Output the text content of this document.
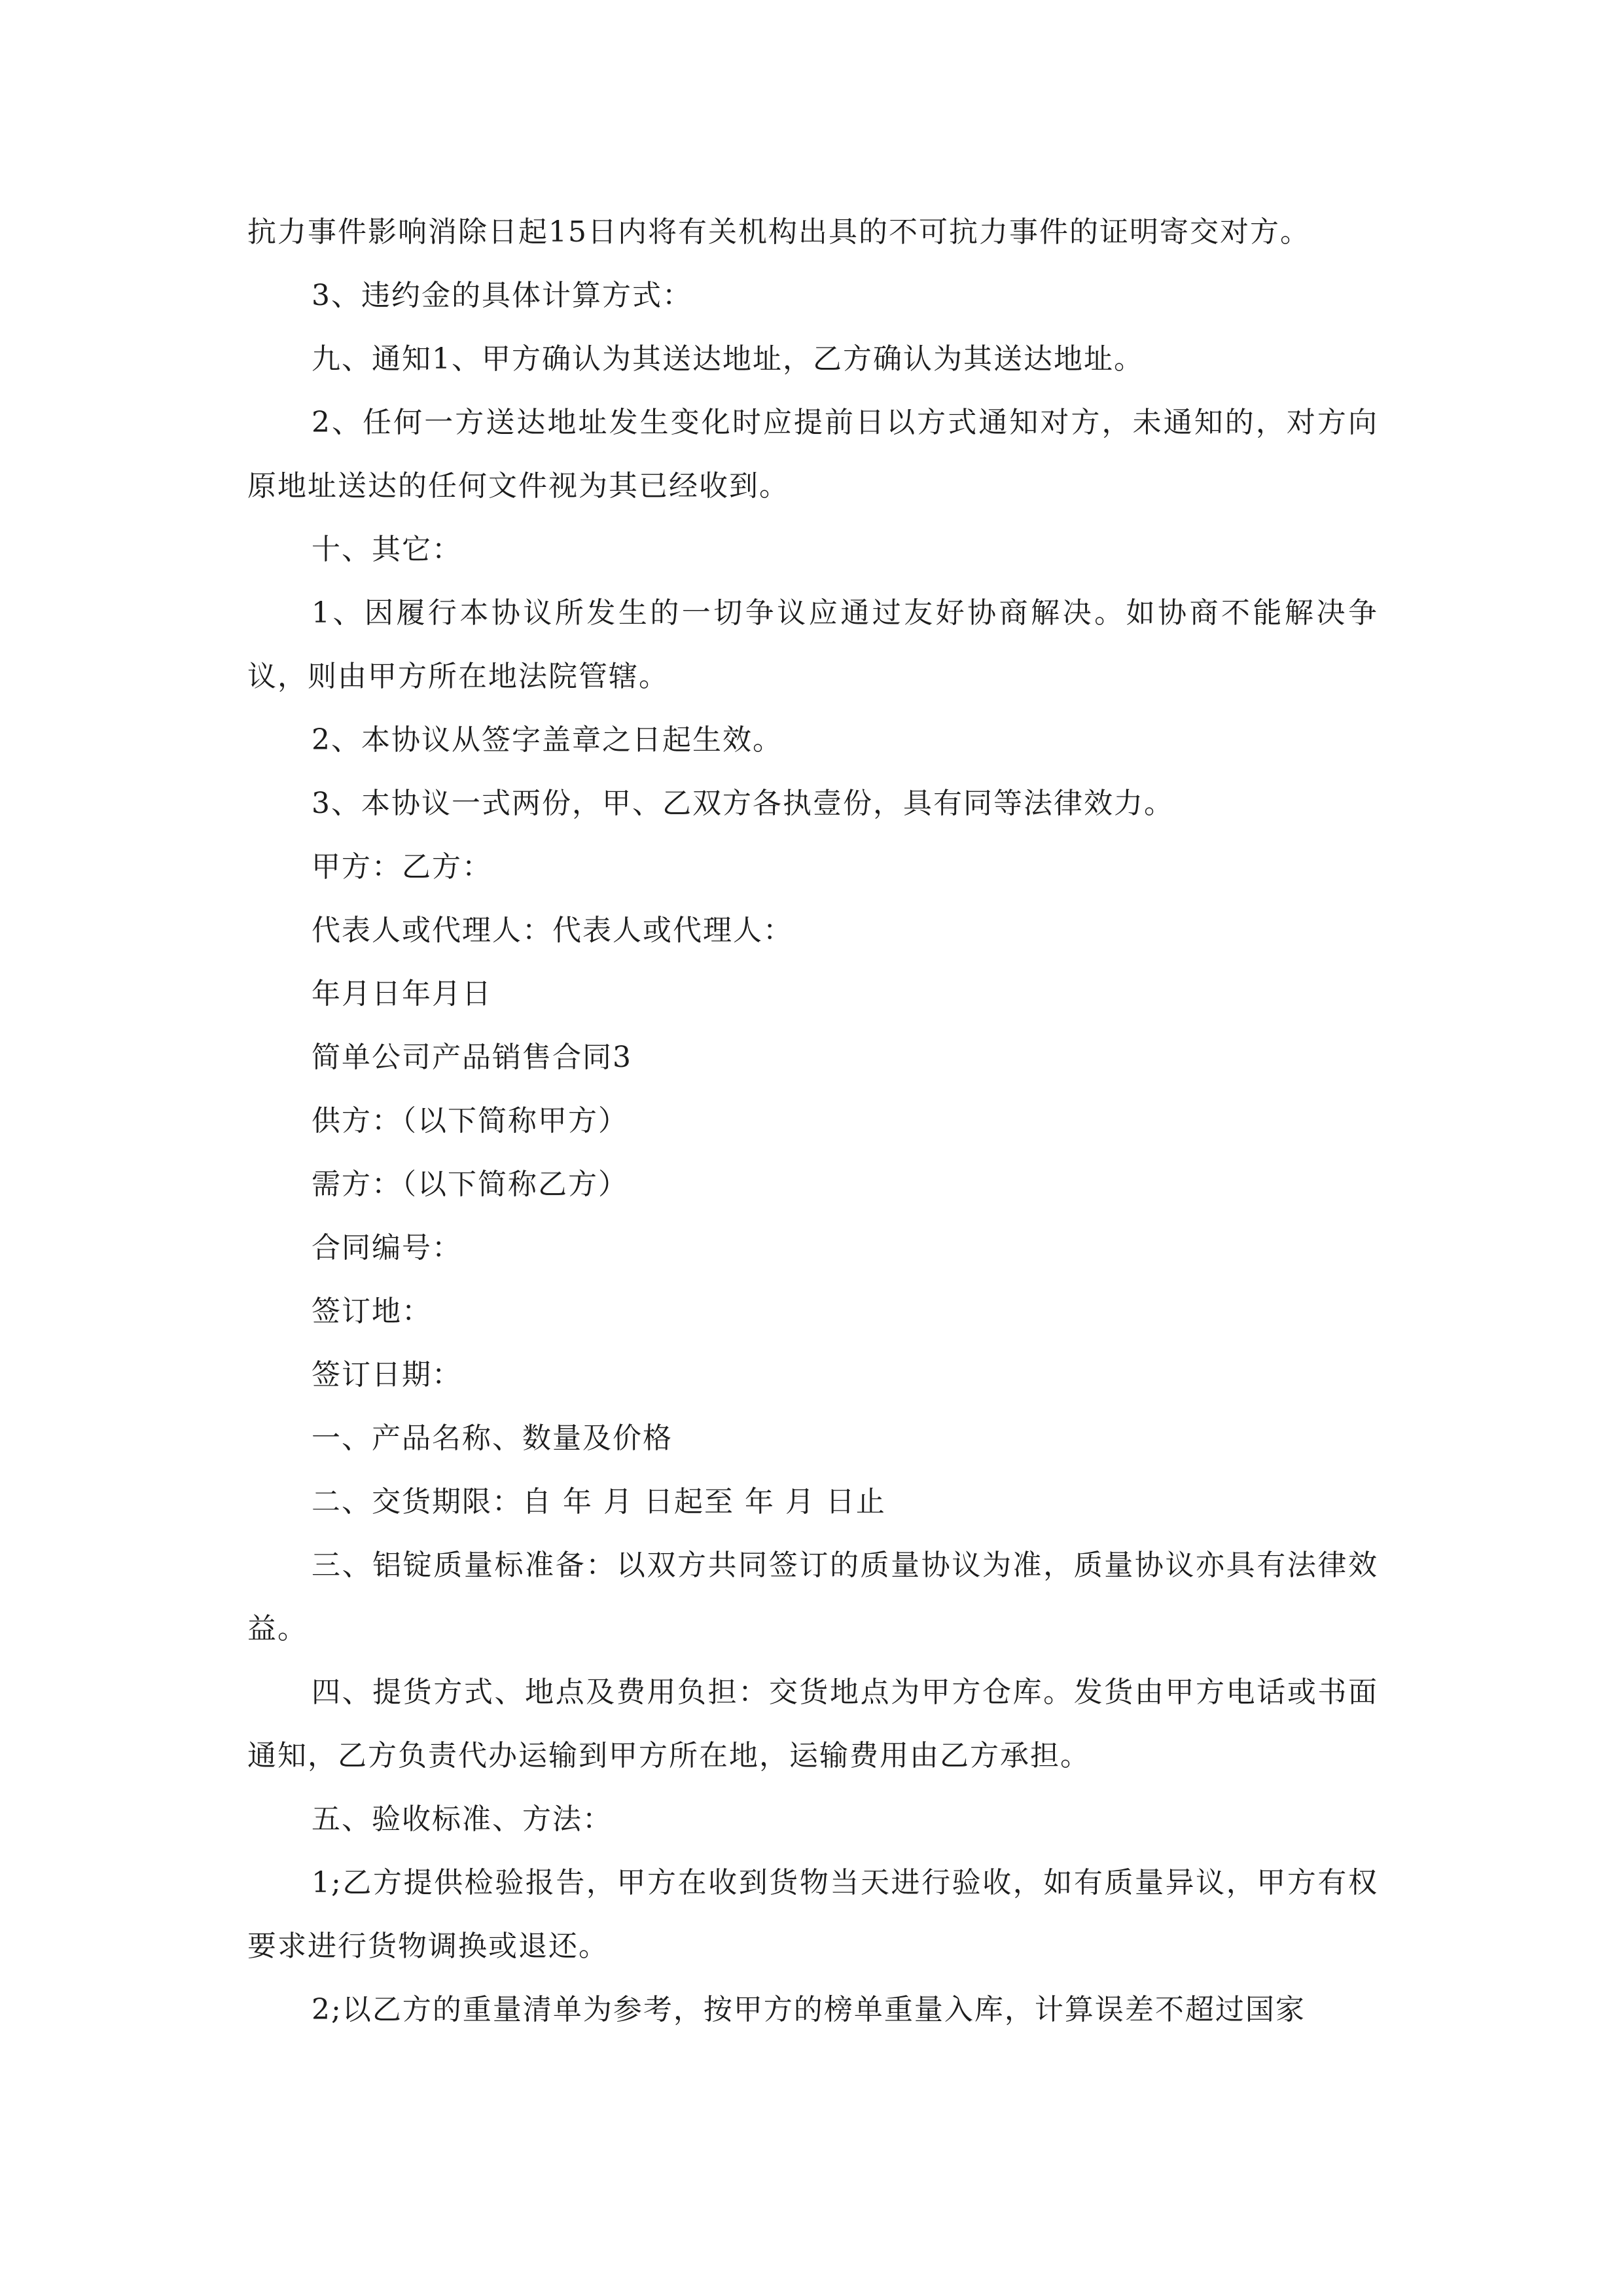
抗力事件影响消除日起15日内将有关机构出具的不可抗力事件的证明寄交对方。

3、违约金的具体计算方式：

九、通知1、甲方确认为其送达地址，乙方确认为其送达地址。

2、任何一方送达地址发生变化时应提前日以方式通知对方，未通知的，对方向原地址送达的任何文件视为其已经收到。

十、其它：

1、因履行本协议所发生的一切争议应通过友好协商解决。如协商不能解决争议，则由甲方所在地法院管辖。

2、本协议从签字盖章之日起生效。

3、本协议一式两份，甲、乙双方各执壹份，具有同等法律效力。

甲方：乙方：

代表人或代理人：代表人或代理人：

年月日年月日

简单公司产品销售合同3

供方：（以下简称甲方）

需方：（以下简称乙方）

合同编号：

签订地：

签订日期：

一、产品名称、数量及价格

二、交货期限：自 年 月 日起至 年 月 日止

三、铝锭质量标准备：以双方共同签订的质量协议为准，质量协议亦具有法律效益。

四、提货方式、地点及费用负担：交货地点为甲方仓库。发货由甲方电话或书面通知，乙方负责代办运输到甲方所在地，运输费用由乙方承担。

五、验收标准、方法：

1;乙方提供检验报告，甲方在收到货物当天进行验收，如有质量异议，甲方有权要求进行货物调换或退还。

2;以乙方的重量清单为参考，按甲方的榜单重量入库，计算误差不超过国家
